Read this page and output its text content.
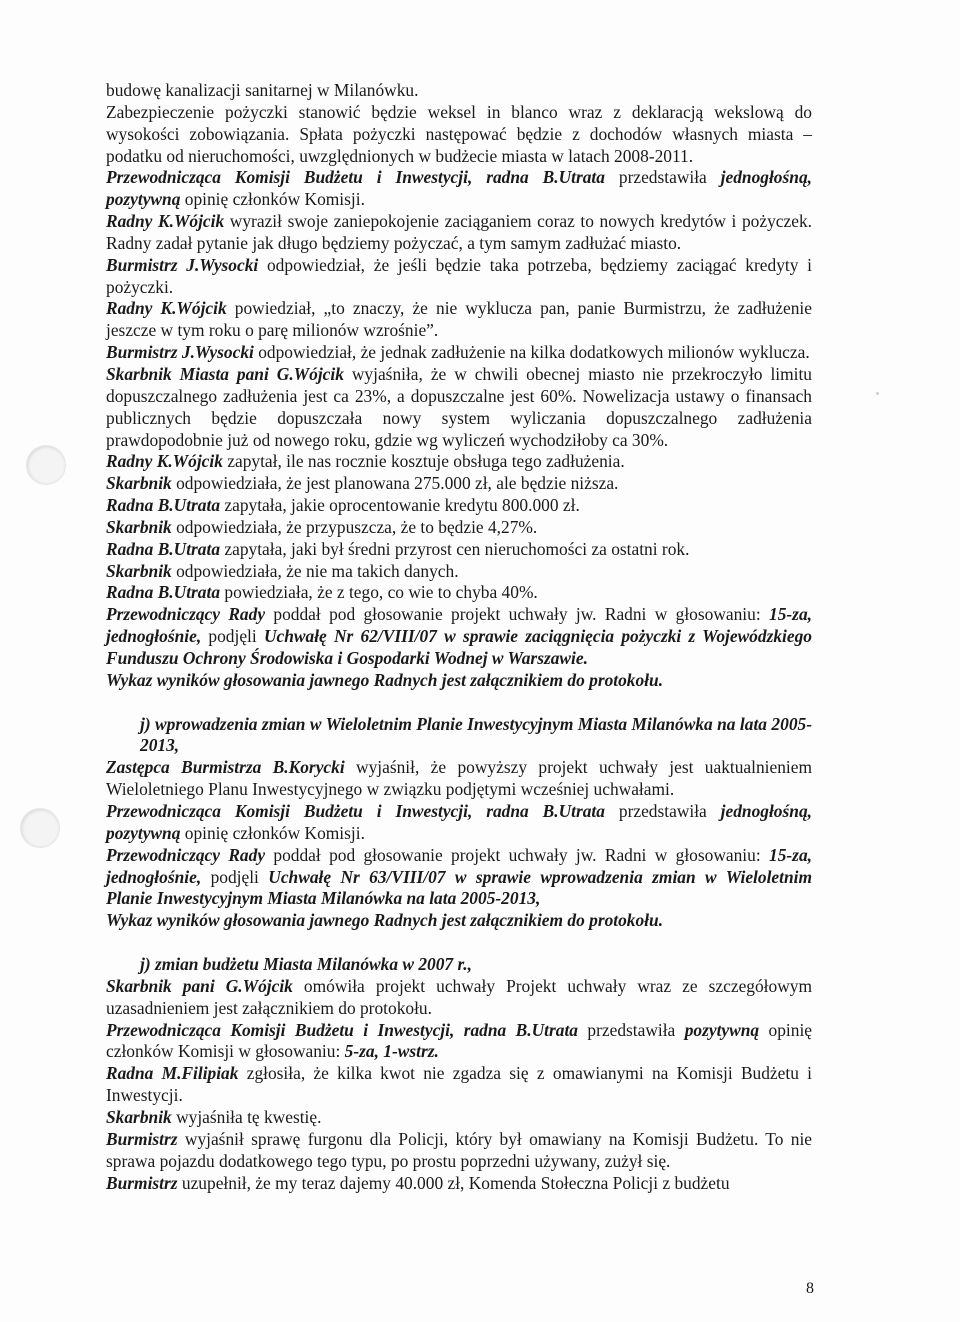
budowę kanalizacji sanitarnej w Milanówku.

Zabezpieczenie pożyczki stanowić będzie weksel in blanco wraz z deklaracją wekslową do wysokości zobowiązania. Spłata pożyczki następować będzie z dochodów własnych miasta – podatku od nieruchomości, uwzględnionych w budżecie miasta w latach 2008-2011.

Przewodnicząca Komisji Budżetu i Inwestycji, radna B.Utrata przedstawiła jednogłośną, pozytywną opinię członków Komisji.

Radny K.Wójcik wyraził swoje zaniepokojenie zaciąganiem coraz to nowych kredytów i pożyczek. Radny zadał pytanie jak długo będziemy pożyczać, a tym samym zadłużać miasto.

Burmistrz J.Wysocki odpowiedział, że jeśli będzie taka potrzeba, będziemy zaciągać kredyty i pożyczki.

Radny K.Wójcik powiedział, „to znaczy, że nie wyklucza pan, panie Burmistrzu, że zadłużenie jeszcze w tym roku o parę milionów wzrośnie”.

Burmistrz J.Wysocki odpowiedział, że jednak zadłużenie na kilka dodatkowych milionów wyklucza.

Skarbnik Miasta pani G.Wójcik wyjaśniła, że w chwili obecnej miasto nie przekroczyło limitu dopuszczalnego zadłużenia jest ca 23%, a dopuszczalne jest 60%. Nowelizacja ustawy o finansach publicznych będzie dopuszczała nowy system wyliczania dopuszczalnego zadłużenia prawdopodobnie już od nowego roku, gdzie wg wyliczeń wychodziłoby ca 30%.

Radny K.Wójcik zapytał, ile nas rocznie kosztuje obsługa tego zadłużenia.

Skarbnik odpowiedziała, że jest planowana 275.000 zł, ale będzie niższa.

Radna B.Utrata zapytała, jakie oprocentowanie kredytu 800.000 zł.

Skarbnik odpowiedziała, że przypuszcza, że to będzie 4,27%.

Radna B.Utrata zapytała, jaki był średni przyrost cen nieruchomości za ostatni rok.

Skarbnik odpowiedziała, że nie ma takich danych.

Radna B.Utrata powiedziała, że z tego, co wie to chyba 40%.

Przewodniczący Rady poddał pod głosowanie projekt uchwały jw. Radni w głosowaniu: 15-za, jednogłośnie, podjęli Uchwałę Nr 62/VIII/07 w sprawie zaciągnięcia pożyczki z Wojewódzkiego Funduszu Ochrony Środowiska i Gospodarki Wodnej w Warszawie.

Wykaz wyników głosowania jawnego Radnych jest załącznikiem do protokołu.

j) wprowadzenia zmian w Wieloletnim Planie Inwestycyjnym Miasta Milanówka na lata 2005-2013,

Zastępca Burmistrza B.Korycki wyjaśnił, że powyższy projekt uchwały jest uaktualnieniem Wieloletniego Planu Inwestycyjnego w związku podjętymi wcześniej uchwałami.

Przewodnicząca Komisji Budżetu i Inwestycji, radna B.Utrata przedstawiła jednogłośną, pozytywną opinię członków Komisji.

Przewodniczący Rady poddał pod głosowanie projekt uchwały jw. Radni w głosowaniu: 15-za, jednogłośnie, podjęli Uchwałę Nr 63/VIII/07 w sprawie wprowadzenia zmian w Wieloletnim Planie Inwestycyjnym Miasta Milanówka na lata 2005-2013,

Wykaz wyników głosowania jawnego Radnych jest załącznikiem do protokołu.

j) zmian budżetu Miasta Milanówka w 2007 r.,

Skarbnik pani G.Wójcik omówiła projekt uchwały Projekt uchwały wraz ze szczegółowym uzasadnieniem jest załącznikiem do protokołu.

Przewodnicząca Komisji Budżetu i Inwestycji, radna B.Utrata przedstawiła pozytywną opinię członków Komisji w głosowaniu: 5-za, 1-wstrz.

Radna M.Filipiak zgłosiła, że kilka kwot nie zgadza się z omawianymi na Komisji Budżetu i Inwestycji.

Skarbnik wyjaśniła tę kwestię.

Burmistrz wyjaśnił sprawę furgonu dla Policji, który był omawiany na Komisji Budżetu. To nie sprawa pojazdu dodatkowego tego typu, po prostu poprzedni używany, zużył się.

Burmistrz uzupełnił, że my teraz dajemy 40.000 zł, Komenda Stołeczna Policji z budżetu

8
